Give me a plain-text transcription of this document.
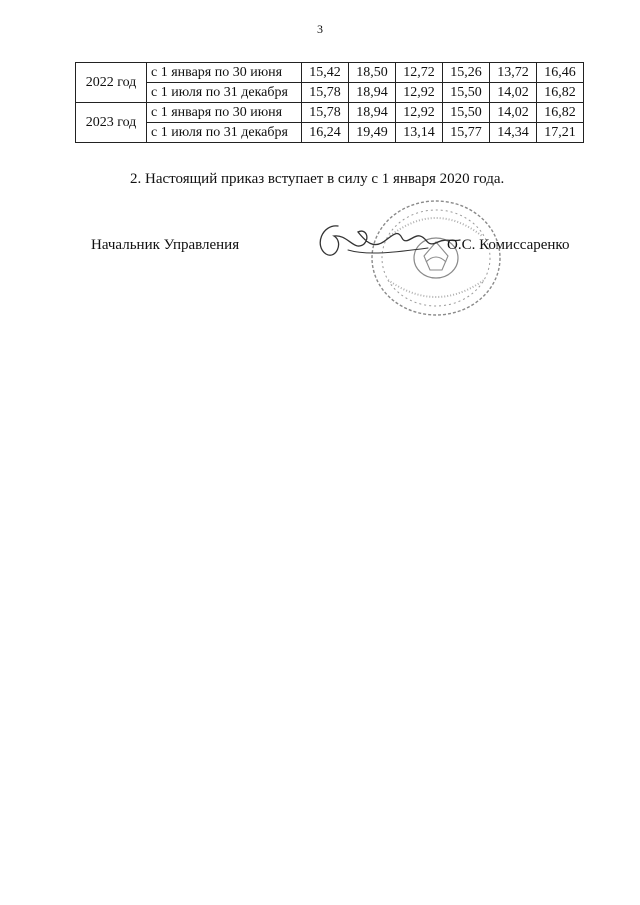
3
2022 год	с 1 января по 30 июня	15,42	18,50	12,72	15,26	13,72	16,46
	с 1 июля по 31 декабря	15,78	18,94	12,92	15,50	14,02	16,82
2023 год	с 1 января по 30 июня	15,78	18,94	12,92	15,50	14,02	16,82
	с 1 июля по 31 декабря	16,24	19,49	13,14	15,77	14,34	17,21
2. Настоящий приказ вступает в силу с 1 января 2020 года.
Начальник Управления	О.С. Комиссаренко
